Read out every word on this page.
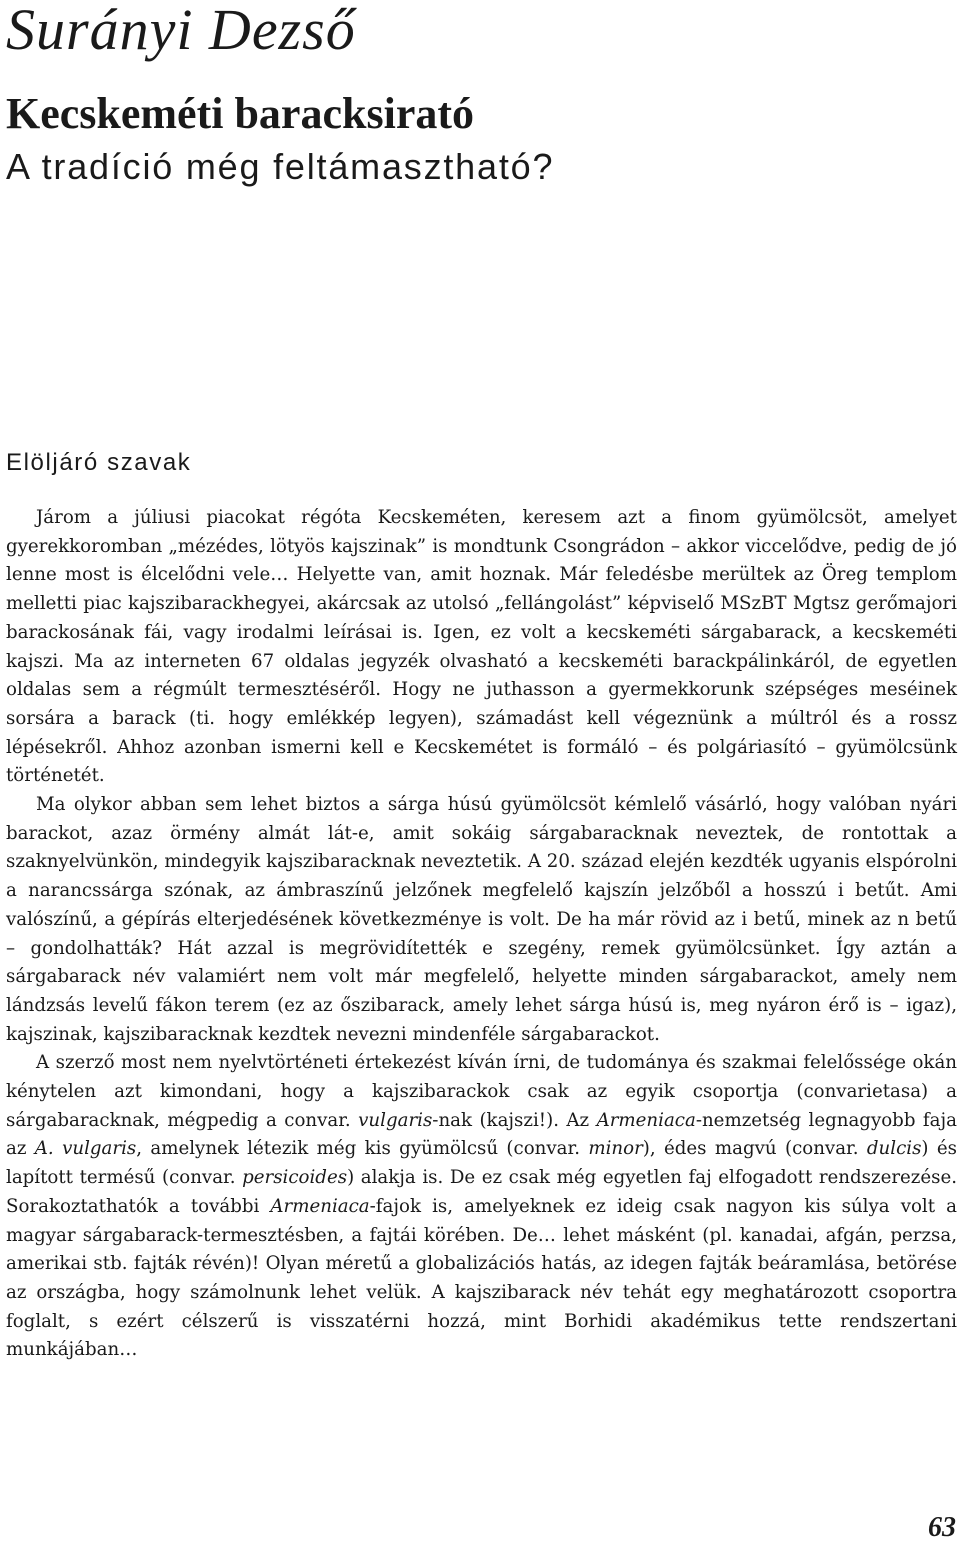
Surányi Dezső
Kecskeméti baracksirató
A tradíció még feltámasztható?
Elöljáró szavak

Járom a júliusi piacokat régóta Kecskeméten, keresem azt a finom gyümölcsöt, amelyet gyerekkoromban „mézédes, lötyös kajszinak” is mondtunk Csongrádon – akkor viccelődve, pedig de jó lenne most is élcelődni vele… Helyette van, amit hoznak. Már feledésbe merültek az Öreg templom melletti piac kajszibarackhegyei, akárcsak az utolsó „fellángolást” képviselő MSzBT Mgtsz gerőmajori barackosának fái, vagy irodalmi leírásai is. Igen, ez volt a kecskeméti sárgabarack, a kecskeméti kajszi. Ma az interneten 67 oldalas jegyzék olvasható a kecskeméti barackpálinkáról, de egyetlen oldalas sem a régmúlt termesztéséről. Hogy ne juthasson a gyermekkorunk szépséges meséinek sorsára a barack (ti. hogy emlékkép legyen), számadást kell végeznünk a múltról és a rossz lépésekről. Ahhoz azonban ismerni kell e Kecskemétet is formáló – és polgáriasító – gyümölcsünk történetét.

Ma olykor abban sem lehet biztos a sárga húsú gyümölcsöt kémlelő vásárló, hogy valóban nyári barackot, azaz örmény almát lát-e, amit sokáig sárgabaracknak neveztek, de rontottak a szaknyelvünkön, mindegyik kajszibaracknak neveztetik. A 20. század elején kezdték ugyanis elspórolni a narancssárga szónak, az ámbraszínű jelzőnek megfelelő kajszín jelzőből a hosszú i betűt. Ami valószínű, a gépírás elterjedésének következménye is volt. De ha már rövid az i betű, minek az n betű – gondolhatták? Hát azzal is megrövidítették e szegény, remek gyümölcsünket. Így aztán a sárgabarack név valamiért nem volt már megfelelő, helyette minden sárgabarackot, amely nem lándzsás levelű fákon terem (ez az őszibarack, amely lehet sárga húsú is, meg nyáron érő is – igaz), kajszinak, kajszibaracknak kezdtek nevezni mindenféle sárgabarackot.

A szerző most nem nyelvtörténeti értekezést kíván írni, de tudománya és szakmai felelőssége okán kénytelen azt kimondani, hogy a kajszibarackok csak az egyik csoportja (convarietasa) a sárgabaracknak, mégpedig a convar. vulgaris-nak (kajszi!). Az Armeniaca-nemzetség legnagyobb faja az A. vulgaris, amelynek létezik még kis gyümölcsű (convar. minor), édes magvú (convar. dulcis) és lapított termésű (convar. persicoides) alakja is. De ez csak még egyetlen faj elfogadott rendszerezése. Sorakoztathatók a további Armeniaca-fajok is, amelyeknek ez ideig csak nagyon kis súlya volt a magyar sárgabarack-termesztésben, a fajtái körében. De… lehet másként (pl. kanadai, afgán, perzsa, amerikai stb. fajták révén)! Olyan méretű a globalizációs hatás, az idegen fajták beáramlása, betörése az országba, hogy számolnunk lehet velük. A kajszibarack név tehát egy meghatározott csoportra foglalt, s ezért célszerű is visszatérni hozzá, mint Borhidi akadémikus tette rendszertani munkájában…

63
